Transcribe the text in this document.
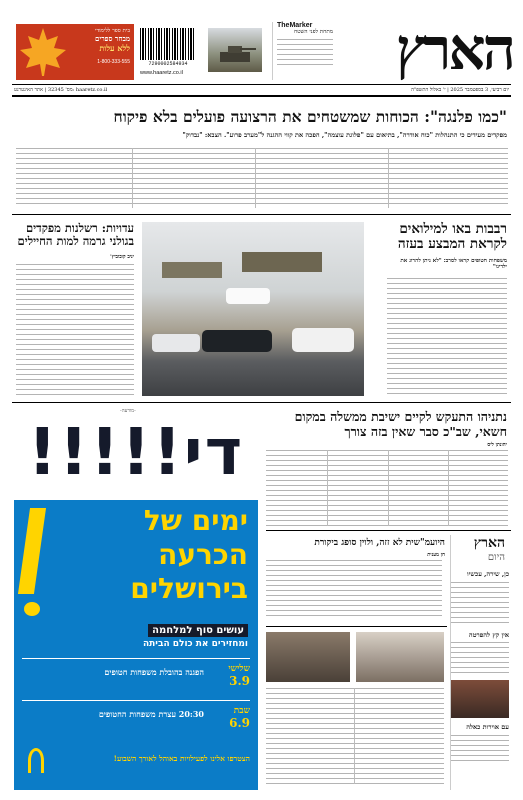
הארץ
TheMarker
מתחת לפני השטח
7290002584934
www.haaretz.co.il
בית ספר ללימודי
מבחר ספרים
ללא עלות
1-800-333-555
יום רביעי, 3 בספטמבר 2025 | י' באלול התשפ"ה
מס' 32345 | אתר האינטרנט: haaretz.co.il
"כמו פלנגה": הכוחות שמשטחים את הרצועה פועלים בלא פיקוח
מפקדים מעידים כי התנהלות "כוח אודרה", בתיאום עם "פלוגת עוצמה", הפכה את קווי ההגנה ל"מערב פרוע". הצבא: "נבדוק"
רבבות באו למילואים לקראת המבצע בעזה
משפחות חטופים קראו לסרב: "לא ניתן להרוג את ילדינו"
עדויות: רשלנות מפקדים בגולני גרמה למות החיילים
יניב קובוביץ'
נתניהו התעקש לקיים ישיבת ממשלה במקום חשאי, שב"כ סבר שאין בזה צורך
יהונתן ליס
הארץ
היום
כן, שירה, עכשיו
אין קץ להפרטה
עם אוירות כאלה
היועמ"שית לא זזה, ולוין סופג ביקורת
חן מענית
-מודעה-
די!!!!!
ימים של
הכרעה
בירושלים
עושים סוף למלחמה
ומחזירים את כולם הביתה
שלישי
3.9
הפגנה בהובלת משפחות חטופים
שבת
6.9
20:30 עצרת משפחות החטופים
הצטרפו אלינו לפעילויות באוהל לאורך השבוע!
